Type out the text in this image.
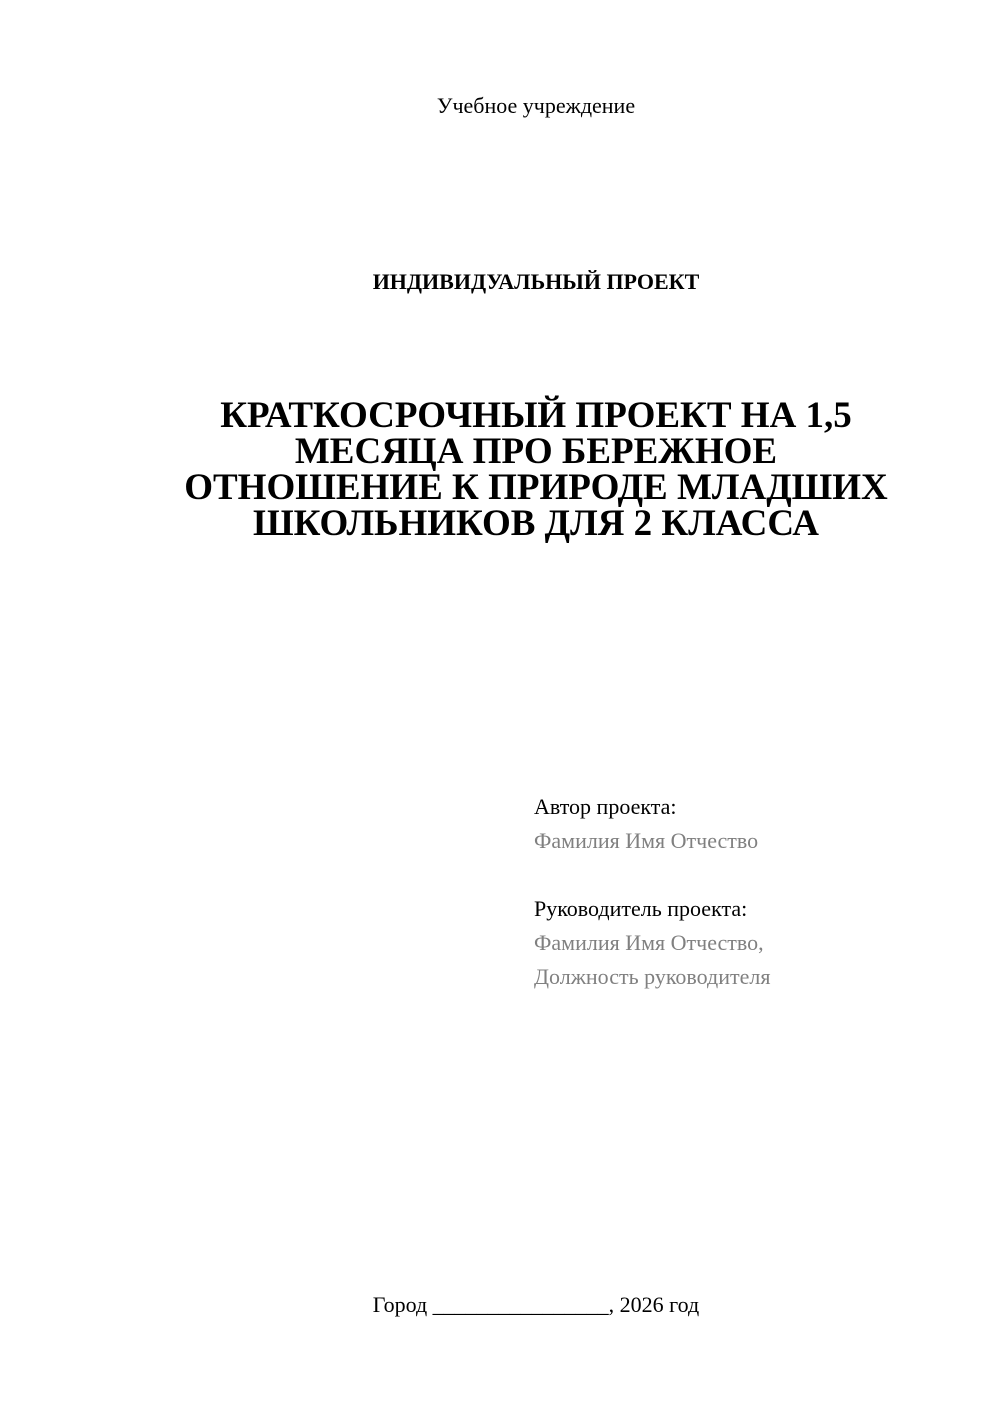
Учебное учреждение
ИНДИВИДУАЛЬНЫЙ ПРОЕКТ
КРАТКОСРОЧНЫЙ ПРОЕКТ НА 1,5
МЕСЯЦА ПРО БЕРЕЖНОЕ
ОТНОШЕНИЕ К ПРИРОДЕ МЛАДШИХ
ШКОЛЬНИКОВ ДЛЯ 2 КЛАССА
Автор проекта:
Фамилия Имя Отчество
Руководитель проекта:
Фамилия Имя Отчество,
Должность руководителя
Город ________________, 2026 год
